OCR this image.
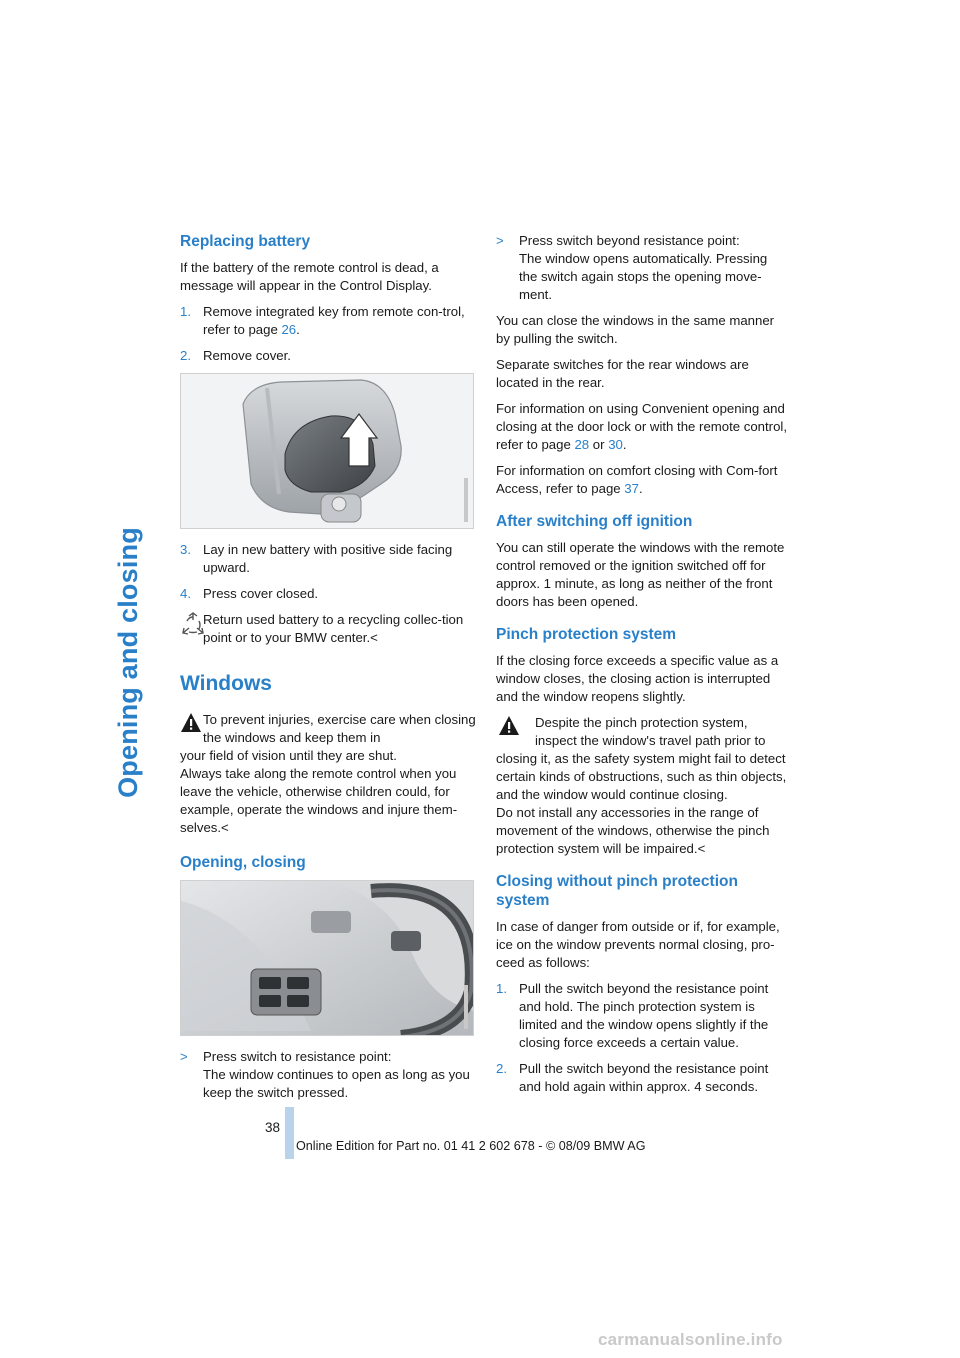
Opening and closing
Replacing battery

If the battery of the remote control is dead, a message will appear in the Control Display.

1. Remove integrated key from remote con-trol, refer to page 26.
2. Remove cover.
3. Lay in new battery with positive side facing upward.
4. Press cover closed.
Return used battery to a recycling collec-tion point or to your BMW center.<
Windows
To prevent injuries, exercise care when closing the windows and keep them in
your field of vision until they are shut.
Always take along the remote control when you leave the vehicle, otherwise children could, for example, operate the windows and injure them-selves.<
Opening, closing
>	Press switch to resistance point:
The window continues to open as long as you keep the switch pressed.
>	Press switch beyond resistance point:
The window opens automatically. Pressing the switch again stops the opening move-ment.

You can close the windows in the same manner by pulling the switch.

Separate switches for the rear windows are located in the rear.

For information on using Convenient opening and closing at the door lock or with the remote control, refer to page 28 or 30.

For information on comfort closing with Com-fort Access, refer to page 37.

After switching off ignition

You can still operate the windows with the remote control removed or the ignition switched off for approx. 1 minute, as long as neither of the front doors has been opened.

Pinch protection system

If the closing force exceeds a specific value as a window closes, the closing action is interrupted and the window reopens slightly.

Despite the pinch protection system, inspect the window's travel path prior to
closing it, as the safety system might fail to detect certain kinds of obstructions, such as thin objects, and the window would continue closing.
Do not install any accessories in the range of movement of the windows, otherwise the pinch protection system will be impaired.<
Closing without pinch protection system

In case of danger from outside or if, for example, ice on the window prevents normal closing, pro-ceed as follows:

1. Pull the switch beyond the resistance point and hold. The pinch protection system is limited and the window opens slightly if the closing force exceeds a certain value.
2. Pull the switch beyond the resistance point and hold again within approx. 4 seconds.
38
Online Edition for Part no. 01 41 2 602 678 - © 08/09 BMW AG
carmanualsonline.info
